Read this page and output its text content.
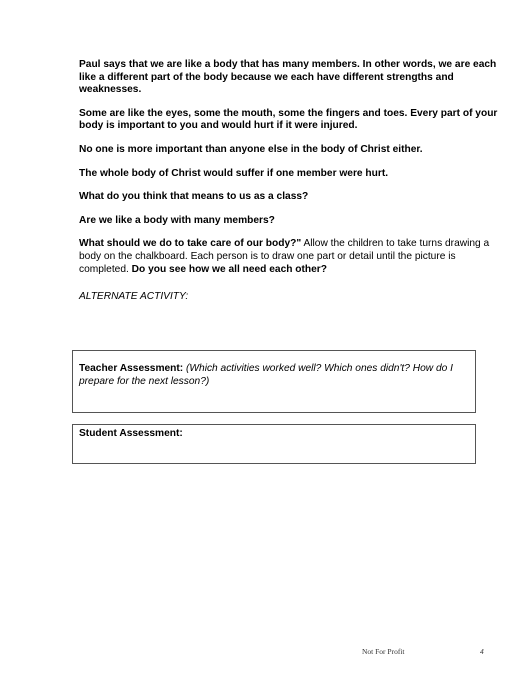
Paul says that we are like a body that has many members. In other words, we are each like a different part of the body because we each have different strengths and weaknesses.

Some are like the eyes, some the mouth, some the fingers and toes. Every part of your body is important to you and would hurt if it were injured.

No one is more important than anyone else in the body of Christ either.

The whole body of Christ would suffer if one member were hurt.

What do you think that means to us as a class?

Are we like a body with many members?

What should we do to take care of our body?" Allow the children to take turns drawing a body on the chalkboard. Each person is to draw one part or detail until the picture is completed. Do you see how we all need each other?

ALTERNATE ACTIVITY:

Teacher Assessment: (Which activities worked well? Which ones didn't? How do I prepare for the next lesson?)
Student Assessment:
Not For Profit	4
